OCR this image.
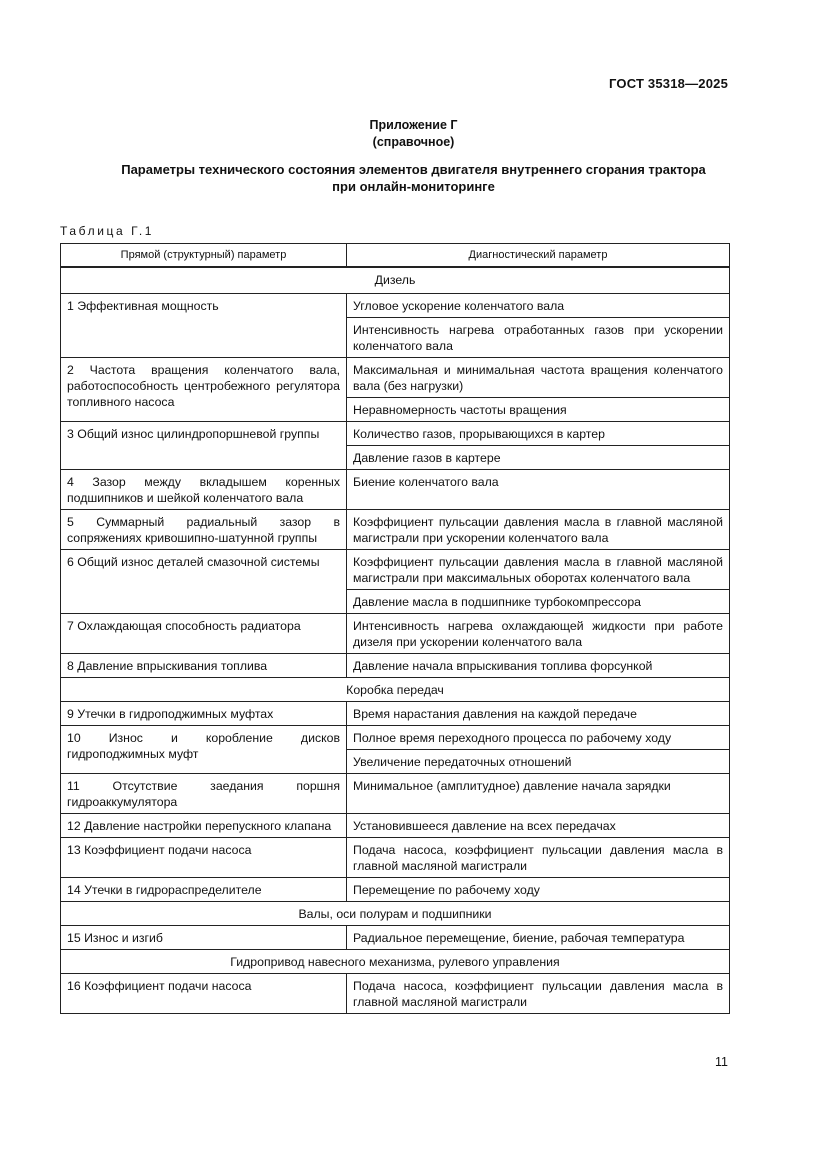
ГОСТ 35318—2025
Приложение Г
(справочное)
Параметры технического состояния элементов двигателя внутреннего сгорания трактора
при онлайн-мониторинге
Таблица Г.1
Прямой (структурный) параметр	Диагностический параметр
Дизель	
1 Эффективная мощность	Угловое ускорение коленчатого вала
	Интенсивность нагрева отработанных газов при ускорении коленчатого вала
2 Частота вращения коленчатого вала, работоспособность центробежного регулятора топливного насоса	Максимальная и минимальная частота вращения коленчатого вала (без нагрузки)
	Неравномерность частоты вращения
3 Общий износ цилиндропоршневой группы	Количество газов, прорывающихся в картер
	Давление газов в картере
4 Зазор между вкладышем коренных подшипников и шейкой коленчатого вала	Биение коленчатого вала
5 Суммарный радиальный зазор в сопряжениях кривошипно-шатунной группы	Коэффициент пульсации давления масла в главной масляной магистрали при ускорении коленчатого вала
6 Общий износ деталей смазочной системы	Коэффициент пульсации давления масла в главной масляной магистрали при максимальных оборотах коленчатого вала
	Давление масла в подшипнике турбокомпрессора
7 Охлаждающая способность радиатора	Интенсивность нагрева охлаждающей жидкости при работе дизеля при ускорении коленчатого вала
8 Давление впрыскивания топлива	Давление начала впрыскивания топлива форсункой
Коробка передач	
9 Утечки в гидроподжимных муфтах	Время нарастания давления на каждой передаче
10 Износ и коробление дисков гидроподжимных муфт	Полное время переходного процесса по рабочему ходу
	Увеличение передаточных отношений
11 Отсутствие заедания поршня гидроаккумулятора	Минимальное (амплитудное) давление начала зарядки
12 Давление настройки перепускного клапана	Установившееся давление на всех передачах
13 Коэффициент подачи насоса	Подача насоса, коэффициент пульсации давления масла в главной масляной магистрали
14 Утечки в гидрораспределителе	Перемещение по рабочему ходу
Валы, оси полурам и подшипники	
15 Износ и изгиб	Радиальное перемещение, биение, рабочая температура
Гидропривод навесного механизма, рулевого управления	
16 Коэффициент подачи насоса	Подача насоса, коэффициент пульсации давления масла в главной масляной магистрали
11
